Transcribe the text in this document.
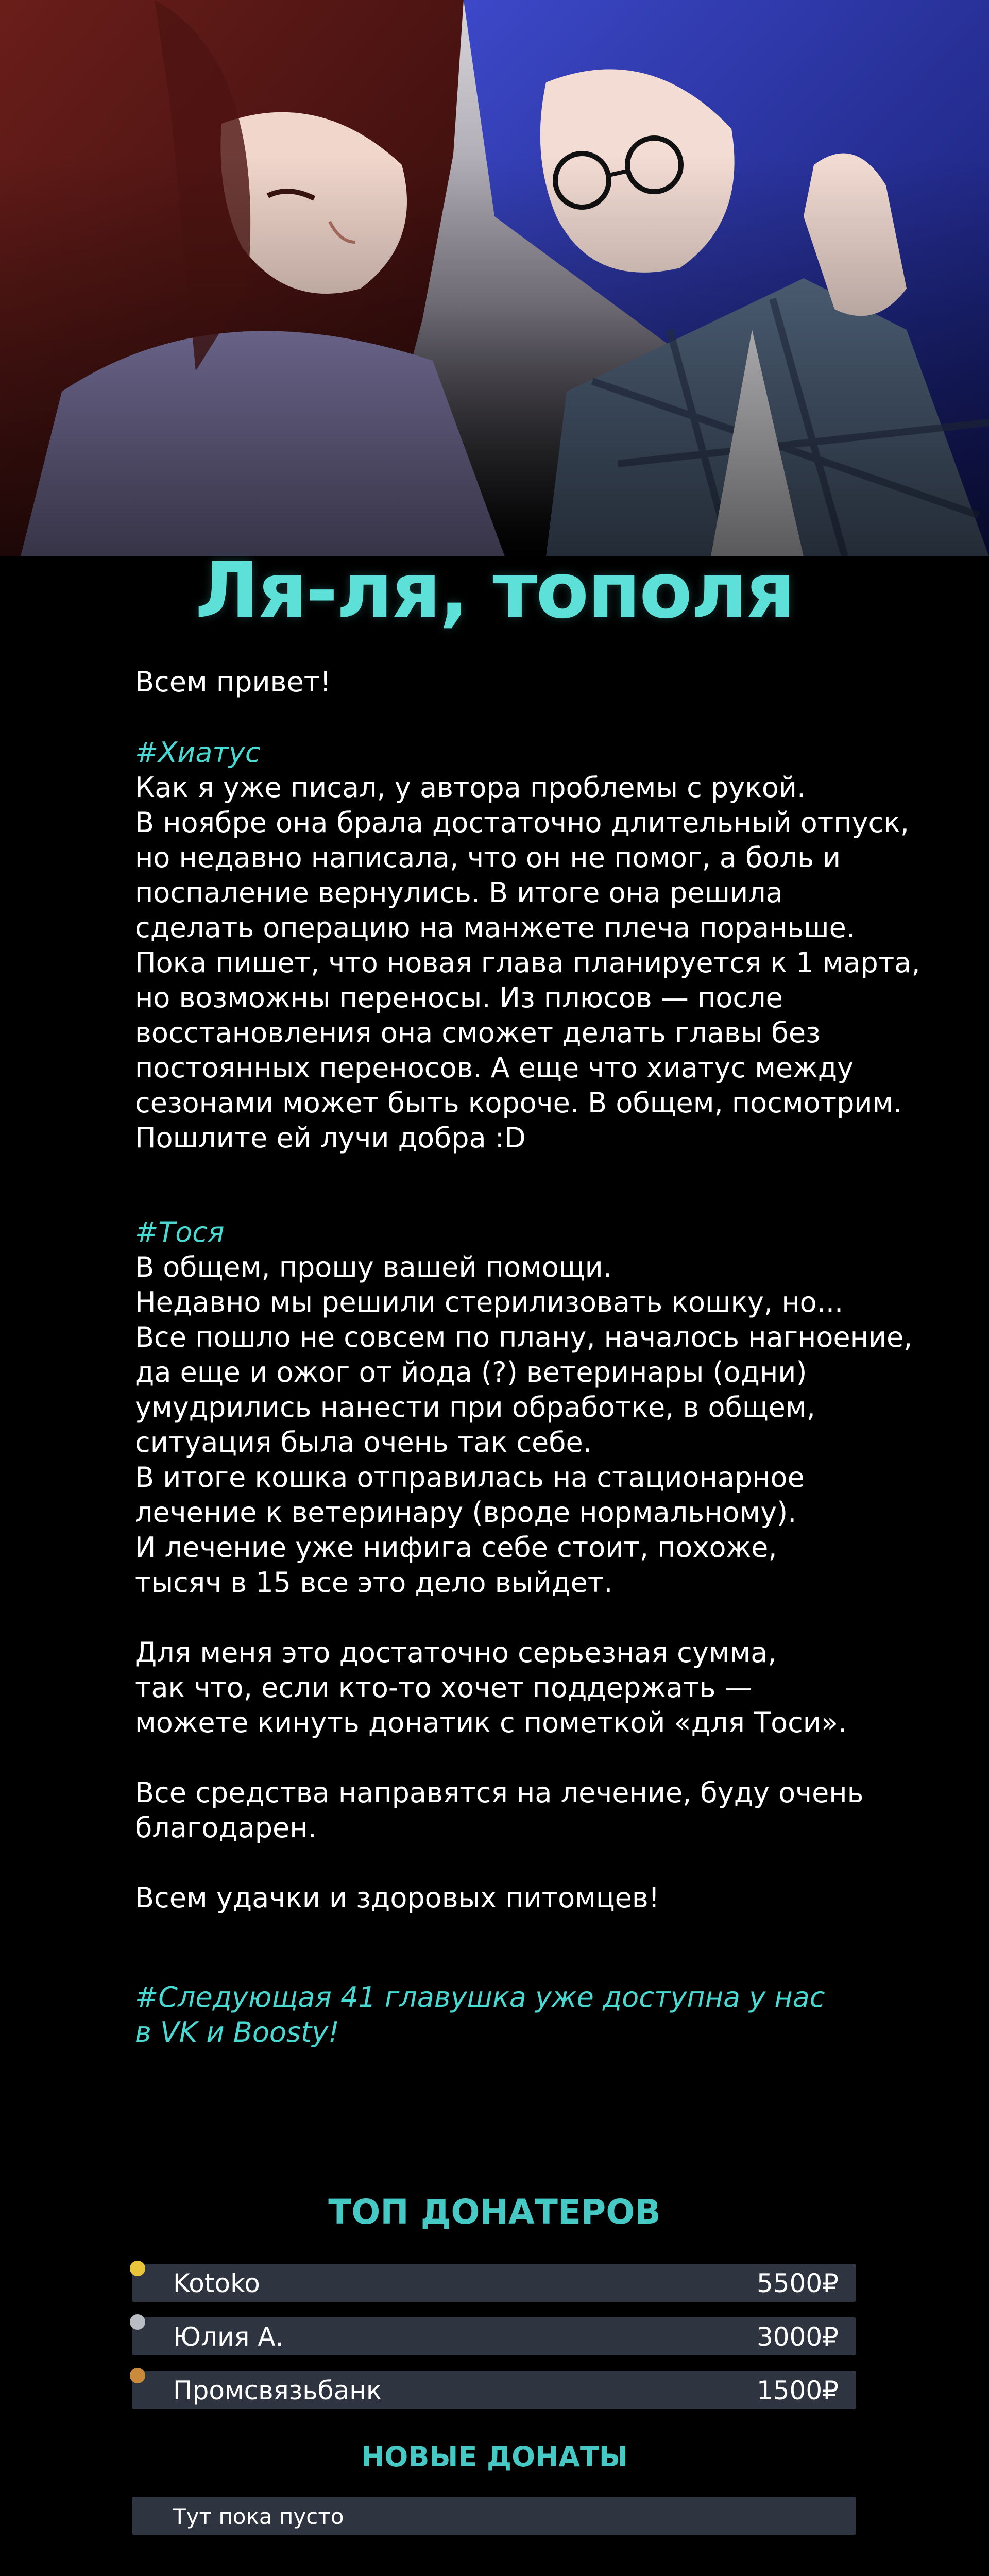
Ля-ля, тополя
Всем привет!
#Хиатус
Как я уже писал, у автора проблемы с рукой.
В ноябре она брала достаточно длительный отпуск,
но недавно написала, что он не помог, а боль и
поспаление вернулись. В итоге она решила
сделать операцию на манжете плеча пораньше.
Пока пишет, что новая глава планируется к 1 марта,
но возможны переносы. Из плюсов — после
восстановления она сможет делать главы без
постоянных переносов. А еще что хиатус между
сезонами может быть короче. В общем, посмотрим.
Пошлите ей лучи добра :D
#Тося
В общем, прошу вашей помощи.
Недавно мы решили стерилизовать кошку, но...
Все пошло не совсем по плану, началось нагноение,
да еще и ожог от йода (?) ветеринары (одни)
умудрились нанести при обработке, в общем,
ситуация была очень так себе.
В итоге кошка отправилась на стационарное
лечение к ветеринару (вроде нормальному).
И лечение уже нифига себе стоит, похоже,
тысяч в 15 все это дело выйдет.
Для меня это достаточно серьезная сумма,
так что, если кто-то хочет поддержать —
можете кинуть донатик с пометкой «для Тоси».
Все средства направятся на лечение, буду очень
благодарен.
Всем удачки и здоровых питомцев!
#Следующая 41 главушка уже доступна у нас
в VK и Boosty!
ТОП ДОНАТЕРОВ
Kotoko	5500₽
Юлия А.	3000₽
Промсвязьбанк	1500₽
НОВЫЕ ДОНАТЫ
Тут пока пусто
